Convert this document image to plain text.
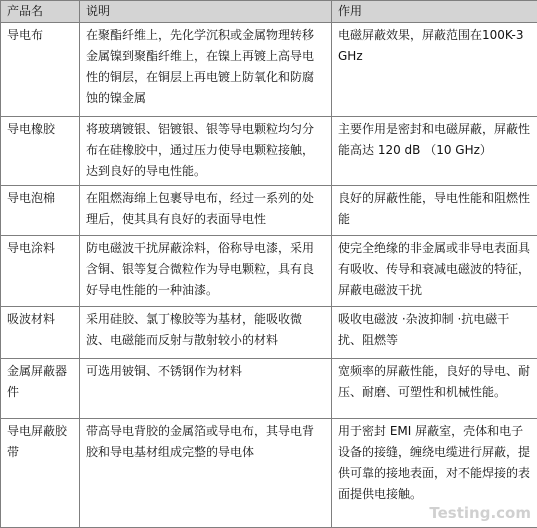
产品名	说明	作用
导电布	在聚酯纤维上，先化学沉积或金属物理转移金属镍到聚酯纤维上，在镍上再镀上高导电性的铜层，在铜层上再电镀上防氧化和防腐蚀的镍金属	电磁屏蔽效果，屏蔽范围在100K-3GHz
导电橡胶	将玻璃镀银、铝镀银、银等导电颗粒均匀分布在硅橡胶中，通过压力使导电颗粒接触，达到良好的导电性能。	主要作用是密封和电磁屏蔽，屏蔽性能高达 120 dB （10 GHz）
导电泡棉	在阻燃海绵上包裹导电布，经过一系列的处理后，使其具有良好的表面导电性	良好的屏蔽性能，导电性能和阻燃性能
导电涂料	防电磁波干扰屏蔽涂料，俗称导电漆，采用含铜、银等复合微粒作为导电颗粒，具有良好导电性能的一种油漆。	使完全绝缘的非金属或非导电表面具有吸收、传导和衰减电磁波的特征，屏蔽电磁波干扰
吸波材料	采用硅胶、氯丁橡胶等为基材，能吸收微波、电磁能而反射与散射较小的材料	吸收电磁波 ·杂波抑制 ·抗电磁干扰、阻燃等
金属屏蔽器件	可选用铍铜、不锈钢作为材料	宽频率的屏蔽性能，良好的导电、耐压、耐磨、可塑性和机械性能。
导电屏蔽胶带	带高导电背胶的金属箔或导电布，其导电背胶和导电基材组成完整的导电体	用于密封 EMI 屏蔽室，壳体和电子设备的接缝，缠绕电缆进行屏蔽，提供可靠的接地表面，对不能焊接的表面提供电接触。
Testing.com
